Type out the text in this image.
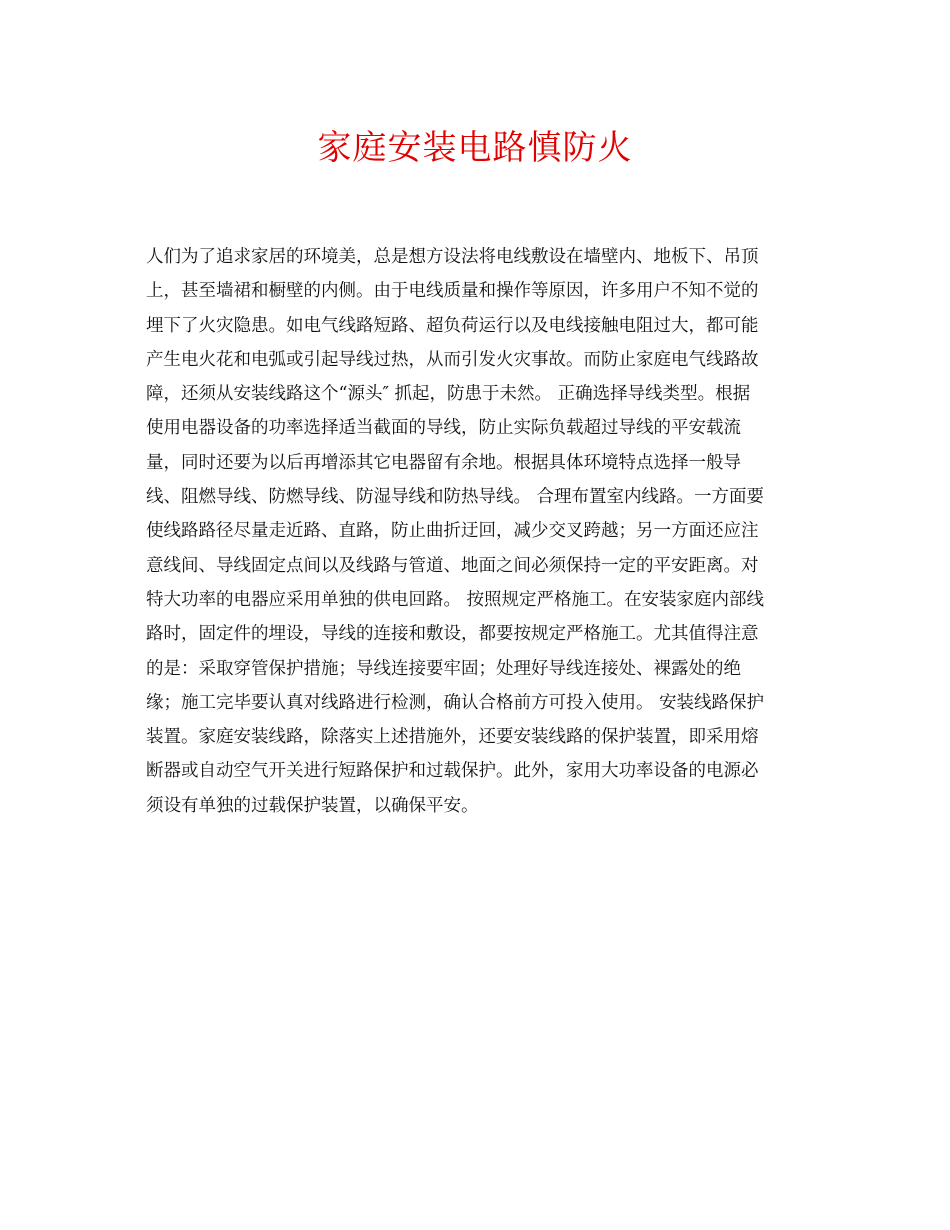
家庭安装电路慎防火
人们为了追求家居的环境美，总是想方设法将电线敷设在墙壁内、地板下、吊顶
上，甚至墙裙和橱壁的内侧。由于电线质量和操作等原因，许多用户不知不觉的
埋下了火灾隐患。如电气线路短路、超负荷运行以及电线接触电阻过大，都可能
产生电火花和电弧或引起导线过热，从而引发火灾事故。而防止家庭电气线路故
障，还须从安装线路这个“源头″ 抓起，防患于未然。 正确选择导线类型。根据
使用电器设备的功率选择适当截面的导线，防止实际负载超过导线的平安载流
量，同时还要为以后再增添其它电器留有余地。根据具体环境特点选择一般导
线、阻燃导线、防燃导线、防湿导线和防热导线。 合理布置室内线路。一方面要
使线路路径尽量走近路、直路，防止曲折迂回，减少交叉跨越；另一方面还应注
意线间、导线固定点间以及线路与管道、地面之间必须保持一定的平安距离。对
特大功率的电器应采用单独的供电回路。 按照规定严格施工。在安装家庭内部线
路时，固定件的埋设，导线的连接和敷设，都要按规定严格施工。尤其值得注意
的是：采取穿管保护措施；导线连接要牢固；处理好导线连接处、裸露处的绝
缘；施工完毕要认真对线路进行检测，确认合格前方可投入使用。 安装线路保护
装置。家庭安装线路，除落实上述措施外，还要安装线路的保护装置，即采用熔
断器或自动空气开关进行短路保护和过载保护。此外，家用大功率设备的电源必
须设有单独的过载保护装置，以确保平安。
